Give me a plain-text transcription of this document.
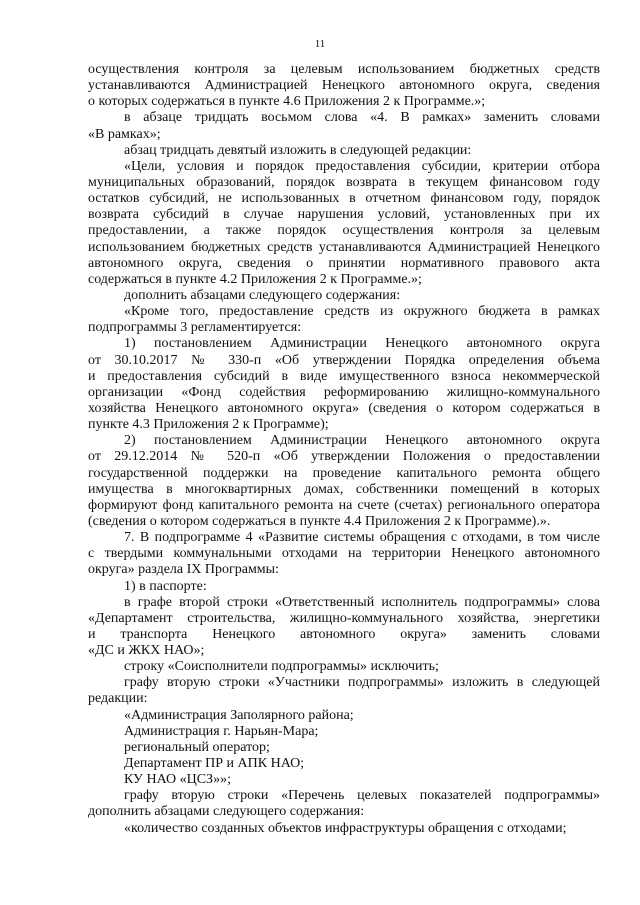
11
осуществления контроля за целевым использованием бюджетных средств
устанавливаются Администрацией Ненецкого автономного округа, сведения
о которых содержаться в пункте 4.6 Приложения 2 к Программе.»;
в абзаце тридцать восьмом слова «4. В рамках» заменить словами
«В рамках»;
абзац тридцать девятый изложить в следующей редакции:
«Цели, условия и порядок предоставления субсидии, критерии отбора
муниципальных образований, порядок возврата в текущем финансовом году
остатков субсидий, не использованных в отчетном финансовом году, порядок
возврата субсидий в случае нарушения условий, установленных при их
предоставлении, а также порядок осуществления контроля за целевым
использованием бюджетных средств устанавливаются Администрацией Ненецкого
автономного округа, сведения о принятии нормативного правового акта
содержаться в пункте 4.2 Приложения 2 к Программе.»;
дополнить абзацами следующего содержания:
«Кроме того, предоставление средств из окружного бюджета в рамках
подпрограммы 3 регламентируется:
1) постановлением Администрации Ненецкого автономного округа
от 30.10.2017 № 330-п «Об утверждении Порядка определения объема
и предоставления субсидий в виде имущественного взноса некоммерческой
организации «Фонд содействия реформированию жилищно-коммунального
хозяйства Ненецкого автономного округа» (сведения о котором содержаться в
пункте 4.3 Приложения 2 к Программе);
2) постановлением Администрации Ненецкого автономного округа
от 29.12.2014 № 520-п «Об утверждении Положения о предоставлении
государственной поддержки на проведение капитального ремонта общего
имущества в многоквартирных домах, собственники помещений в которых
формируют фонд капитального ремонта на счете (счетах) регионального оператора
(сведения о котором содержаться в пункте 4.4 Приложения 2 к Программе).».
7. В подпрограмме 4 «Развитие системы обращения с отходами, в том числе
с твердыми коммунальными отходами на территории Ненецкого автономного
округа» раздела IX Программы:
1) в паспорте:
в графе второй строки «Ответственный исполнитель подпрограммы» слова
«Департамент строительства, жилищно-коммунального хозяйства, энергетики
и транспорта Ненецкого автономного округа» заменить словами
«ДС и ЖКХ НАО»;
строку «Соисполнители подпрограммы» исключить;
графу вторую строки «Участники подпрограммы» изложить в следующей
редакции:
«Администрация Заполярного района;
Администрация г. Нарьян-Мара;
региональный оператор;
Департамент ПР и АПК НАО;
КУ НАО «ЦСЗ»»;
графу вторую строки «Перечень целевых показателей подпрограммы»
дополнить абзацами следующего содержания:
«количество созданных объектов инфраструктуры обращения с отходами;
